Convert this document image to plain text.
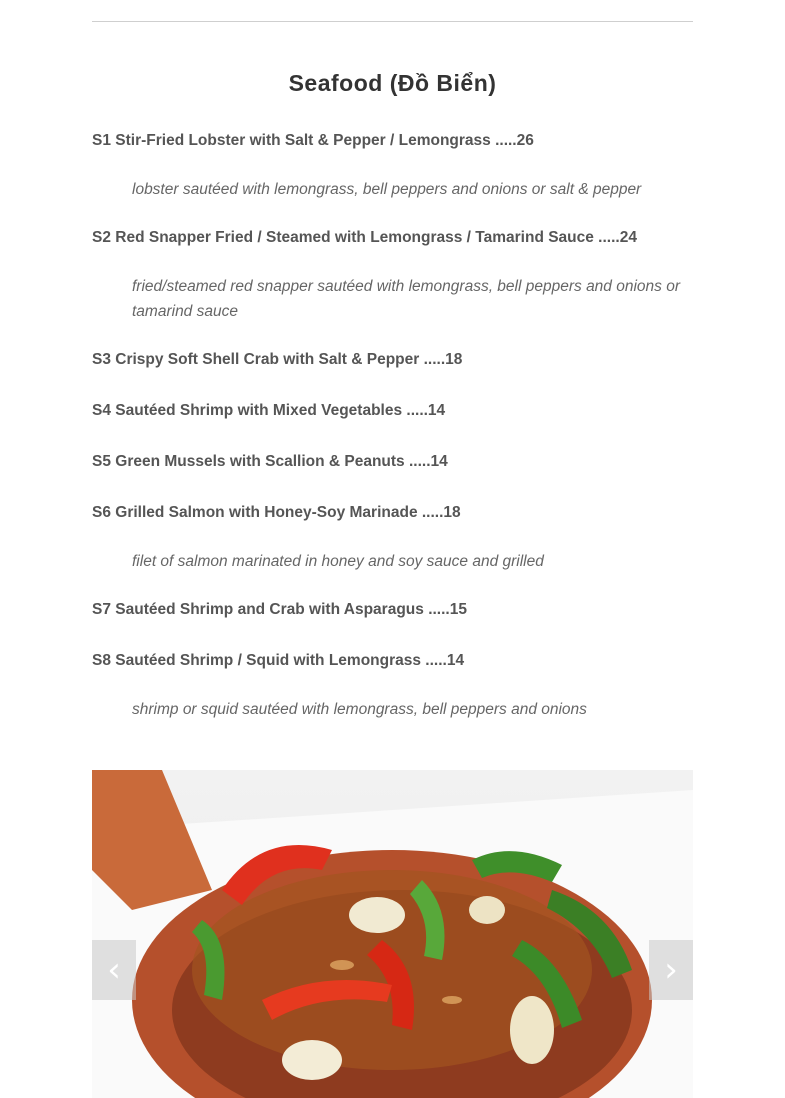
Seafood (Đồ Biển)
S1 Stir-Fried Lobster with Salt & Pepper / Lemongrass .....26
lobster sautéed with lemongrass, bell peppers and onions or salt & pepper
S2 Red Snapper Fried / Steamed with Lemongrass / Tamarind Sauce .....24
fried/steamed red snapper sautéed with lemongrass, bell peppers and onions or tamarind sauce
S3 Crispy Soft Shell Crab with Salt & Pepper .....18
S4 Sautéed Shrimp with Mixed Vegetables .....14
S5 Green Mussels with Scallion & Peanuts .....14
S6 Grilled Salmon with Honey-Soy Marinade .....18
filet of salmon marinated in honey and soy sauce and grilled
S7 Sautéed Shrimp and Crab with Asparagus .....15
S8 Sautéed Shrimp / Squid with Lemongrass .....14
shrimp or squid sautéed with lemongrass, bell peppers and onions
‹	›
